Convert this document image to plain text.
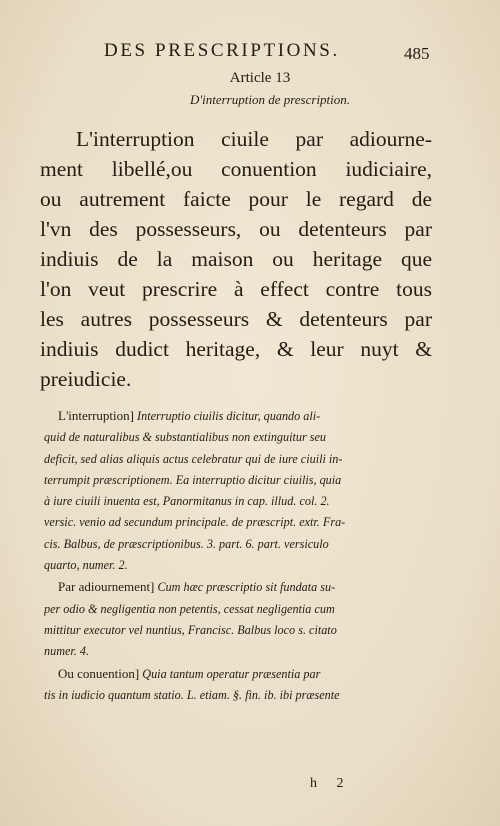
DES PRESCRIPTIONS.	485
Article 13
D'interruption de prescription.
L'interruption ciuile par adiourne-
ment libellé,ou conuention iudiciaire,
ou autrement faicte pour le regard de
l'vn des possesseurs, ou detenteurs par
indiuis de la maison ou heritage que
l'on veut prescrire à effect contre tous
les autres possesseurs & detenteurs par
indiuis dudict heritage, & leur nuyt &
preiudicie.
L'interruption] Interruptio ciuilis dicitur, quando ali-
quid de naturalibus & substantialibus non extinguitur seu
deficit, sed alias aliquis actus celebratur qui de iure ciuili in-
terrumpit præscriptionem. Ea interruptio dicitur ciuilis, quia
à iure ciuili inuenta est, Panormitanus in cap. illud. col. 2.
versic. venio ad secundum principale. de præscript. extr. Fra-
cis. Balbus, de præscriptionibus. 3. part. 6. part. versiculo
quarto, numer. 2.
Par adiournement] Cum hæc præscriptio sit fundata su-
per odio & negligentia non petentis, cessat negligentia cum
mittitur executor vel nuntius, Francisc. Balbus loco s. citato
numer. 4.
Ou conuention] Quia tantum operatur præsentia par
tis in iudicio quantum statio. L. etiam. §. fin. ib. ibi præsente
h 2
